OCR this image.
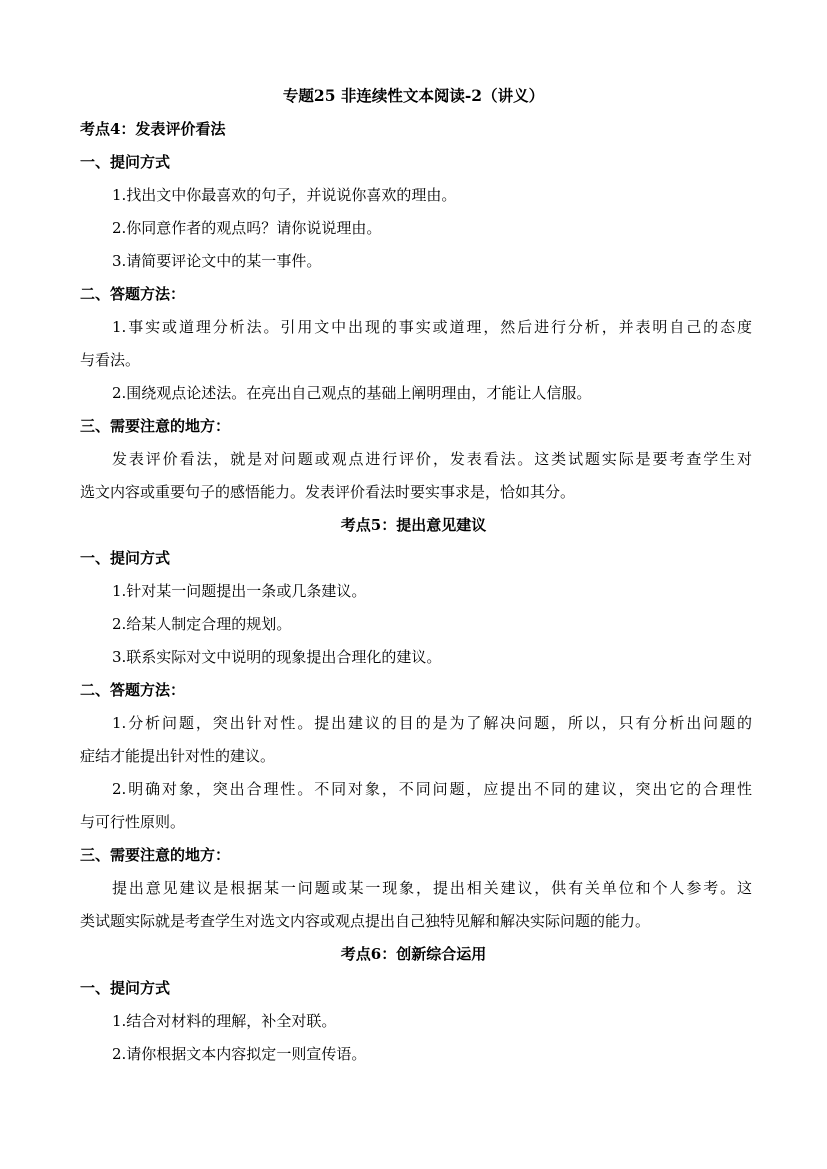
专题25 非连续性文本阅读-2（讲义）
考点4：发表评价看法
一、提问方式
1.找出文中你最喜欢的句子，并说说你喜欢的理由。
2.你同意作者的观点吗？请你说说理由。
3.请简要评论文中的某一事件。
二、答题方法：
1.事实或道理分析法。引用文中出现的事实或道理，然后进行分析，并表明自己的态度
与看法。
2.围绕观点论述法。在亮出自己观点的基础上阐明理由，才能让人信服。
三、需要注意的地方：
发表评价看法，就是对问题或观点进行评价，发表看法。这类试题实际是要考查学生对
选文内容或重要句子的感悟能力。发表评价看法时要实事求是，恰如其分。
考点5：提出意见建议
一、提问方式
1.针对某一问题提出一条或几条建议。
2.给某人制定合理的规划。
3.联系实际对文中说明的现象提出合理化的建议。
二、答题方法：
1.分析问题，突出针对性。提出建议的目的是为了解决问题，所以，只有分析出问题的
症结才能提出针对性的建议。
2.明确对象，突出合理性。不同对象，不同问题，应提出不同的建议，突出它的合理性
与可行性原则。
三、需要注意的地方：
提出意见建议是根据某一问题或某一现象，提出相关建议，供有关单位和个人参考。这
类试题实际就是考查学生对选文内容或观点提出自己独特见解和解决实际问题的能力。
考点6：创新综合运用
一、提问方式
1.结合对材料的理解，补全对联。
2.请你根据文本内容拟定一则宣传语。
